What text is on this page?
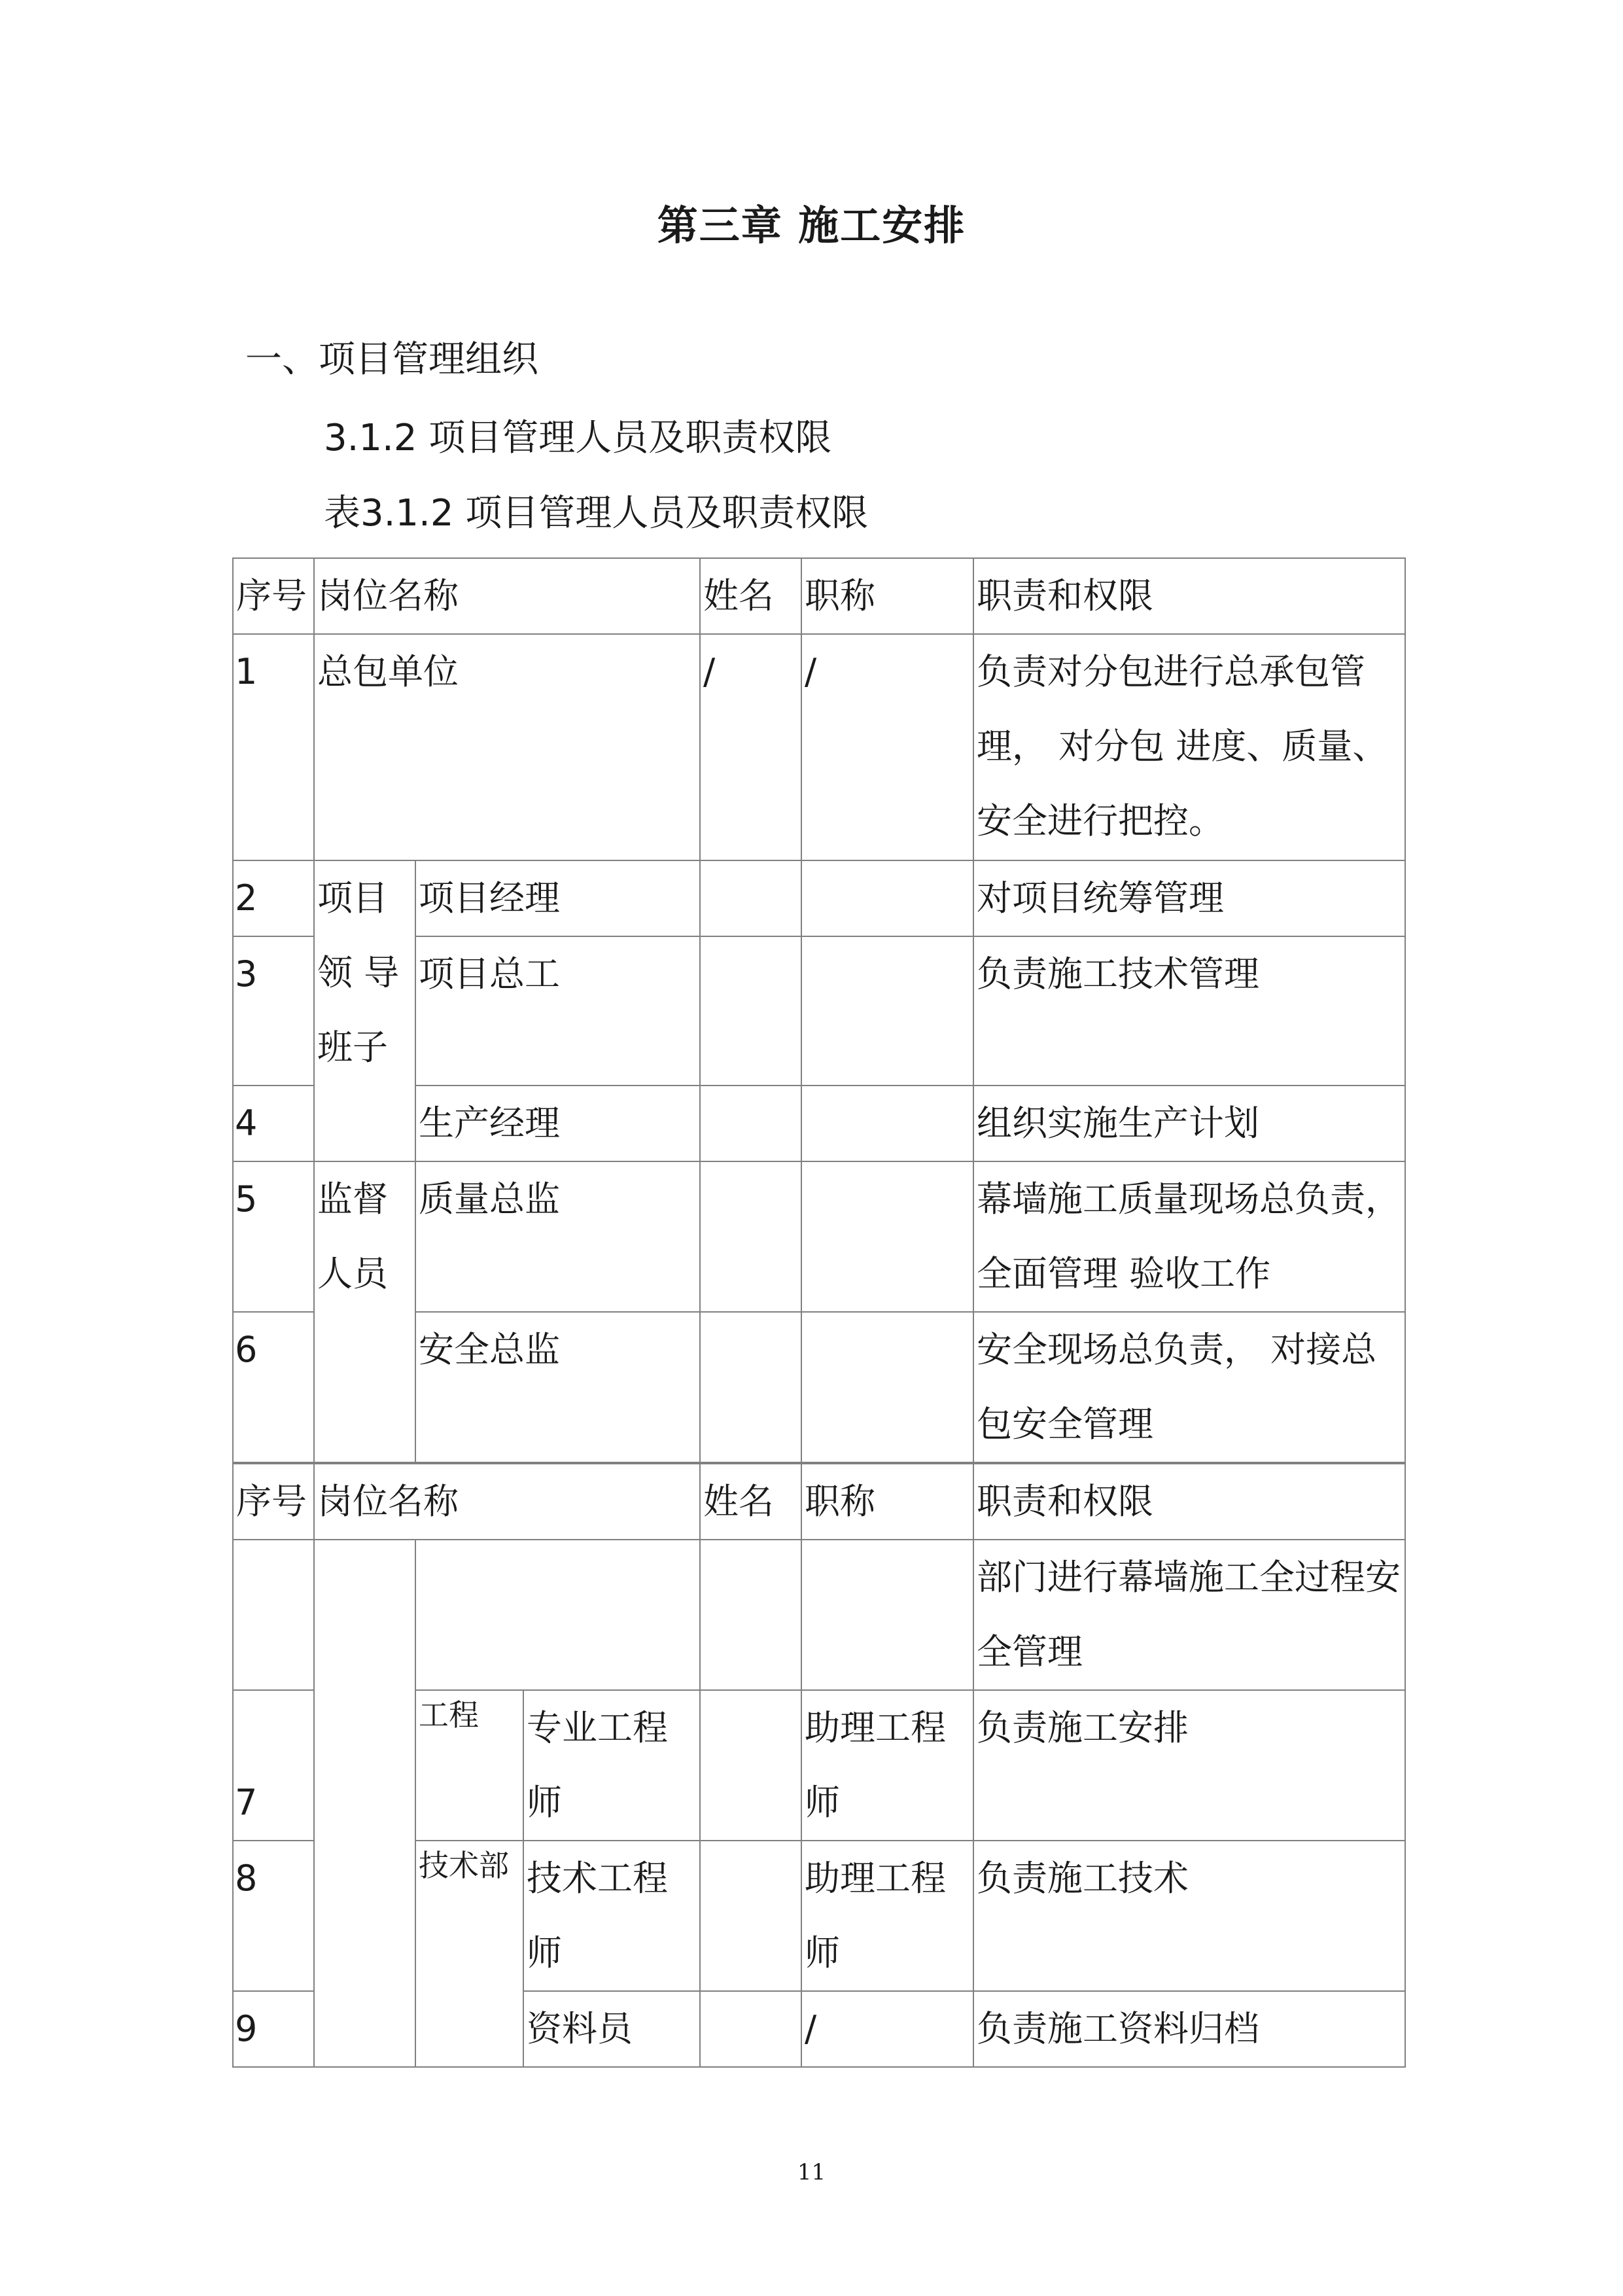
第三章 施工安排
一、项目管理组织
3.1.2 项目管理人员及职责权限
表3.1.2 项目管理人员及职责权限
序号	岗位名称		姓名	职称	职责和权限
1	总包单位		/	/	负责对分包进行总承包管理， 对分包 进度、质量、安全进行把控。
2	项目领 导班子	项目经理			对项目统筹管理
3		项目总工			负责施工技术管理
4		生产经理			组织实施生产计划
5	监督人员	质量总监			幕墙施工质量现场总负责，全面管理 验收工作
6		安全总监			安全现场总负责， 对接总包安全管理
序号	岗位名称			姓名	职称	职责和权限
						部门进行幕墙施工全过程安全管理
7		工程	专业工程师		助理工程师	负责施工安排
8		技术部	技术工程师		助理工程师	负责施工技术
9			资料员		/	负责施工资料归档
11
